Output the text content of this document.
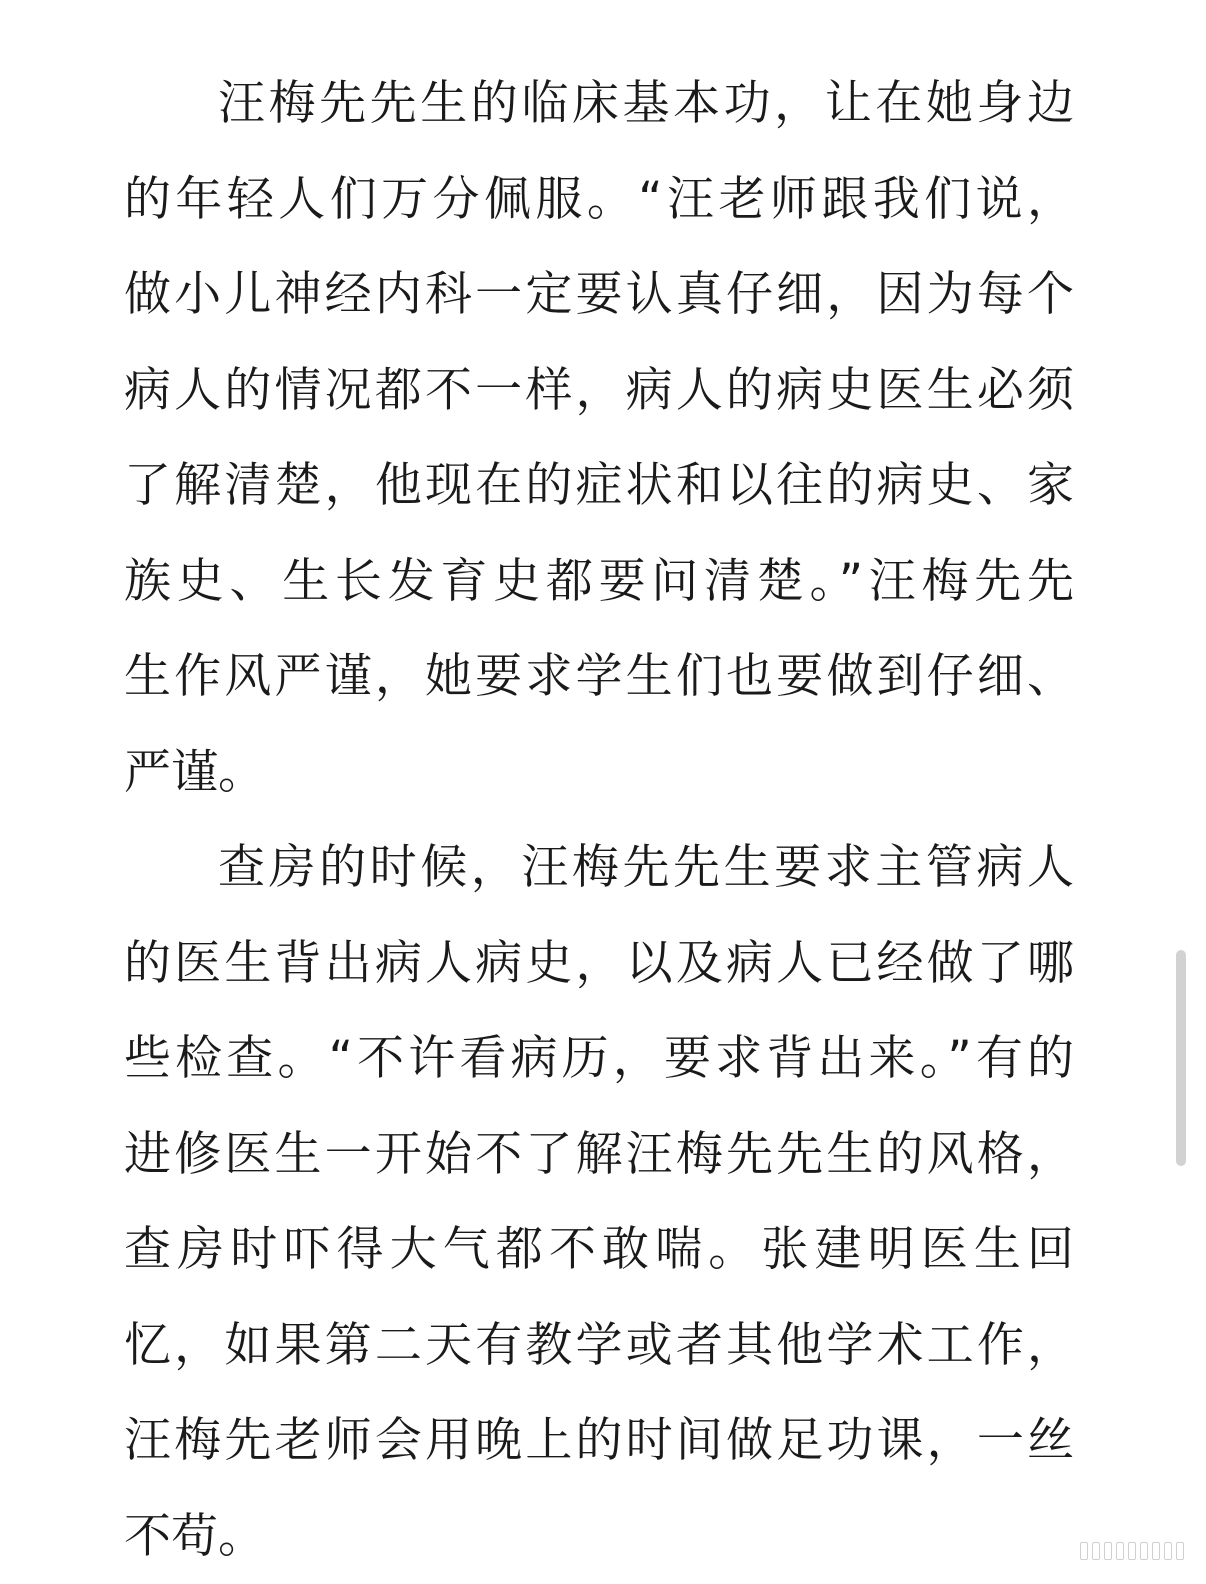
汪梅先先生的临床基本功，让在她身边
的年轻人们万分佩服。“汪老师跟我们说，
做小儿神经内科一定要认真仔细，因为每个
病人的情况都不一样，病人的病史医生必须
了解清楚，他现在的症状和以往的病史、家
族史、生长发育史都要问清楚。”汪梅先先
生作风严谨，她要求学生们也要做到仔细、
严谨。
查房的时候，汪梅先先生要求主管病人
的医生背出病人病史，以及病人已经做了哪
些检查。“不许看病历，要求背出来。”有的
进修医生一开始不了解汪梅先先生的风格，
查房时吓得大气都不敢喘。张建明医生回
忆，如果第二天有教学或者其他学术工作，
汪梅先老师会用晚上的时间做足功课，一丝
不苟。
